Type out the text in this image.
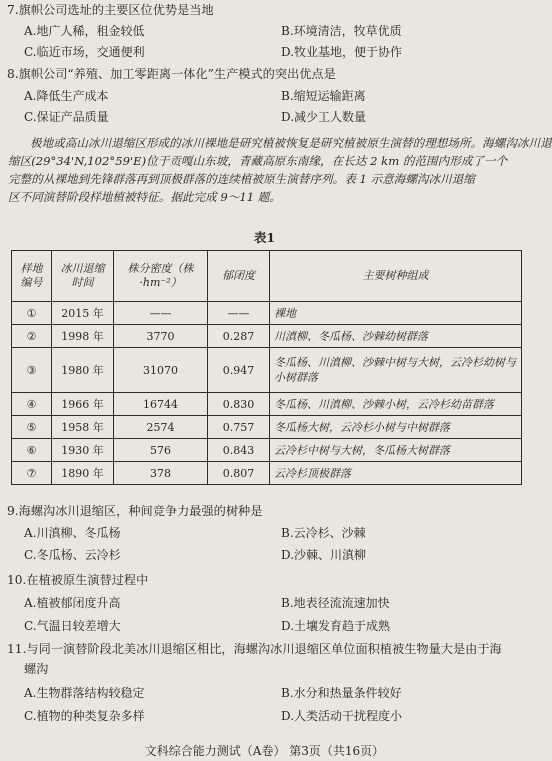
7.旗帜公司选址的主要区位优势是当地
A.地广人稀，租金较低	B.环境清洁，牧草优质
C.临近市场，交通便利	D.牧业基地，便于协作
8.旗帜公司“养殖、加工零距离一体化”生产模式的突出优点是
A.降低生产成本	B.缩短运输距离
C.保证产品质量	D.减少工人数量
极地或高山冰川退缩区形成的冰川裸地是研究植被恢复是研究植被原生演替的理想场所。海螺沟冰川退
缩区(29°34'N,102°59'E)位于贡嘎山东坡，青藏高原东南缘，在长达 2 km 的范围内形成了一个
完整的从裸地到先锋群落再到顶极群落的连续植被原生演替序列。表 1 示意海螺沟冰川退缩
区不同演替阶段样地植被特征。据此完成 9～11 题。
表1
样地编号	冰川退缩时间	株分密度（株·hm⁻²）	郁闭度	主要树种组成
①	2015 年	——	——	裸地
②	1998 年	3770	0.287	川滇柳、冬瓜杨、沙棘幼树群落
③	1980 年	31070	0.947	冬瓜杨、川滇柳、沙棘中树与大树，云冷杉幼树与小树群落
④	1966 年	16744	0.830	冬瓜杨、川滇柳、沙棘小树，云冷杉幼苗群落
⑤	1958 年	2574	0.757	冬瓜杨大树，云冷杉小树与中树群落
⑥	1930 年	576	0.843	云冷杉中树与大树，冬瓜杨大树群落
⑦	1890 年	378	0.807	云冷杉顶极群落
9.海螺沟冰川退缩区，种间竞争力最强的树种是
A.川滇柳、冬瓜杨	B.云冷杉、沙棘
C.冬瓜杨、云冷杉	D.沙棘、川滇柳
10.在植被原生演替过程中
A.植被郁闭度升高	B.地表径流流速加快
C.气温日较差增大	D.土壤发育趋于成熟
11.与同一演替阶段北美冰川退缩区相比，海螺沟冰川退缩区单位面积植被生物量大是由于海
螺沟
A.生物群落结构较稳定	B.水分和热量条件较好
C.植物的种类复杂多样	D.人类活动干扰程度小
文科综合能力测试（A卷） 第3页（共16页）
